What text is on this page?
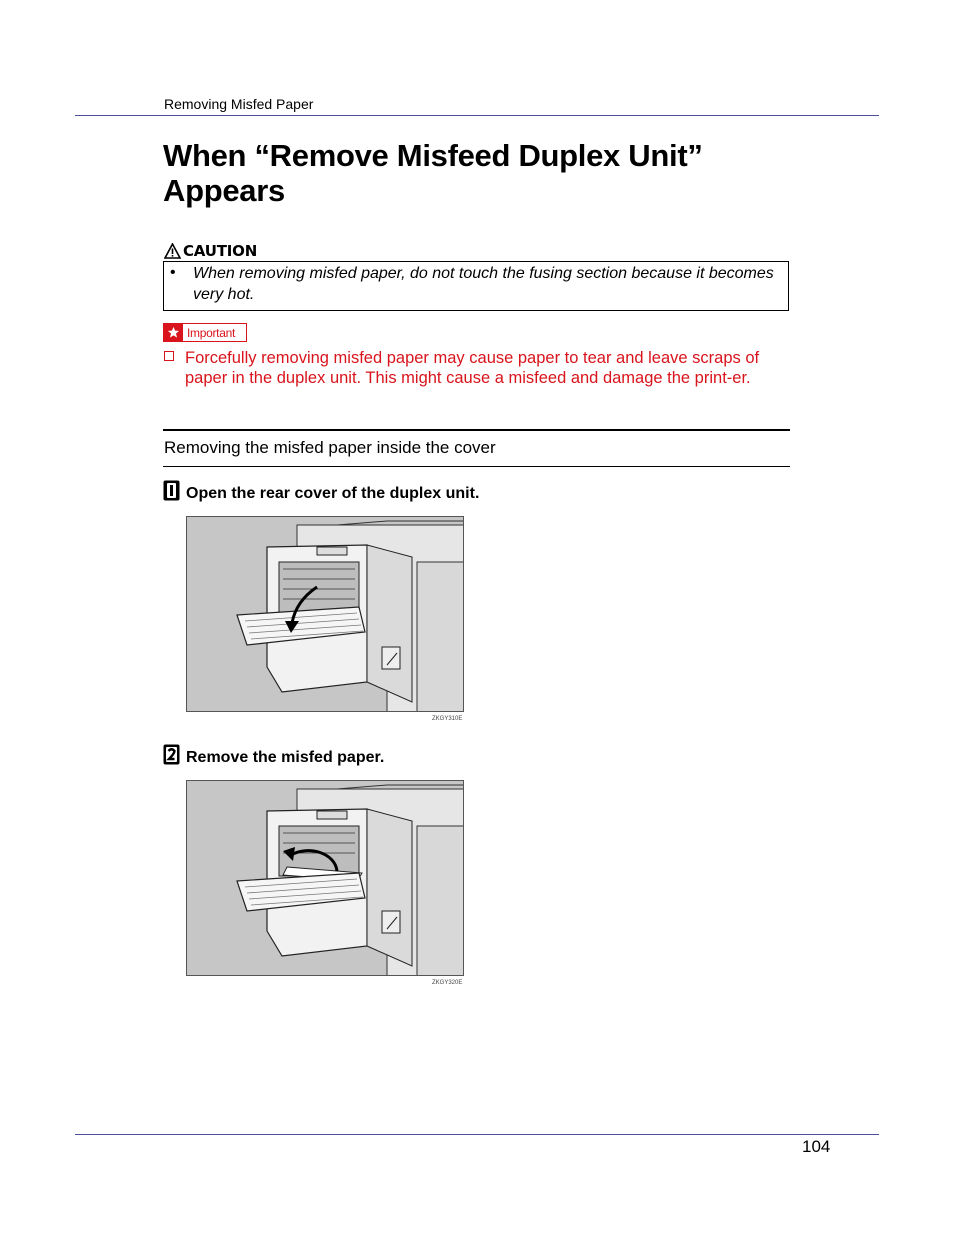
Removing Misfed Paper
When “Remove Misfeed Duplex Unit” Appears
CAUTION
• When removing misfed paper, do not touch the fusing section because it becomes very hot.
Important
Forcefully removing misfed paper may cause paper to tear and leave scraps of paper in the duplex unit. This might cause a misfeed and damage the print-er.
Removing the misfed paper inside the cover
Open the rear cover of the duplex unit.
ZKGY310E
Remove the misfed paper.
ZKGY320E
104
